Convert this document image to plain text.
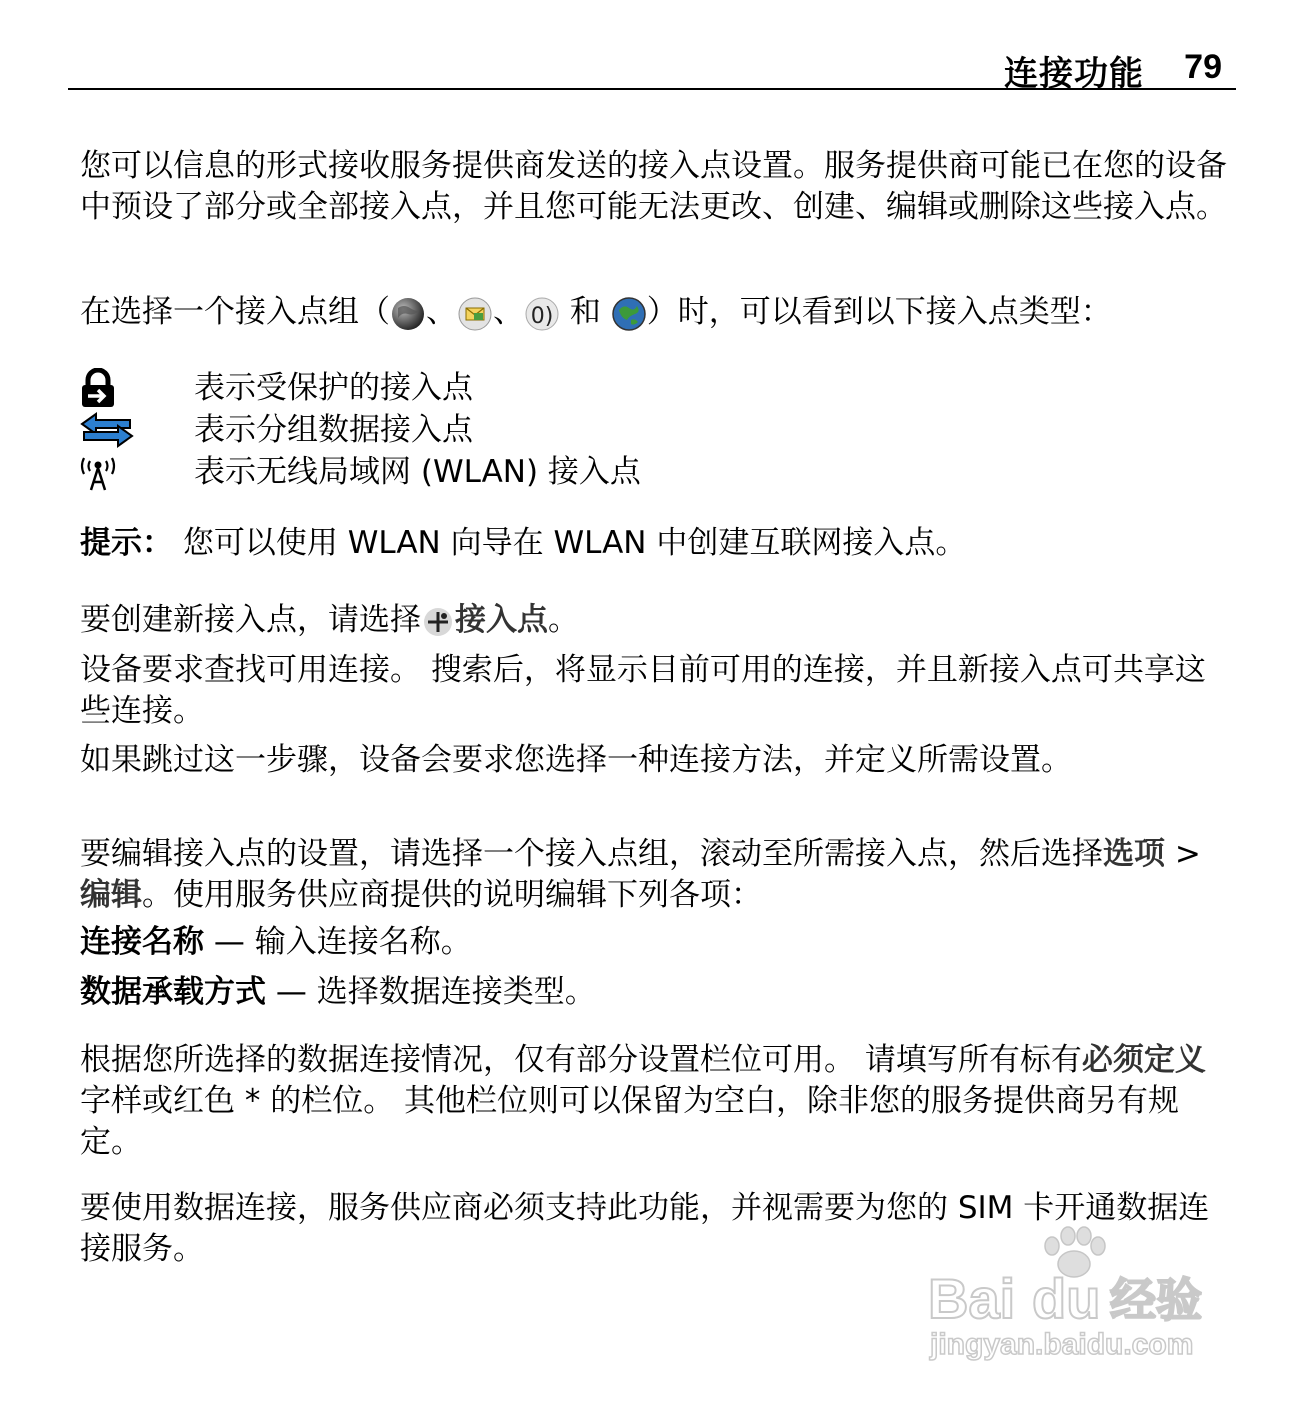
连接功能 79

您可以信息的形式接收服务提供商发送的接入点设置。服务提供商可能已在您的设备中预设了部分或全部接入点，并且您可能无法更改、创建、编辑或删除这些接入点。

在选择一个接入点组（ 、 、 0) 和
）时，可以看到以下接入点类型：

表示受保护的接入点
表示分组数据接入点
表示无线局域网 (WLAN) 接入点

提示： 您可以使用 WLAN 向导在 WLAN 中创建互联网接入点。

要创建新接入点，请选择 接入点。

设备要求查找可用连接。 搜索后，将显示目前可用的连接，并且新接入点可共享这些连接。

如果跳过这一步骤，设备会要求您选择一种连接方法，并定义所需设置。

要编辑接入点的设置，请选择一个接入点组，滚动至所需接入点，然后选择选项 > 编辑。使用服务供应商提供的说明编辑下列各项：

连接名称 — 输入连接名称。

数据承载方式 — 选择数据连接类型。

根据您所选择的数据连接情况，仅有部分设置栏位可用。 请填写所有标有必须定义字样或红色 * 的栏位。 其他栏位则可以保留为空白，除非您的服务提供商另有规定。

要使用数据连接，服务供应商必须支持此功能，并视需要为您的 SIM 卡开通数据连接服务。

Bai du 经验
jingyan.baidu.com
